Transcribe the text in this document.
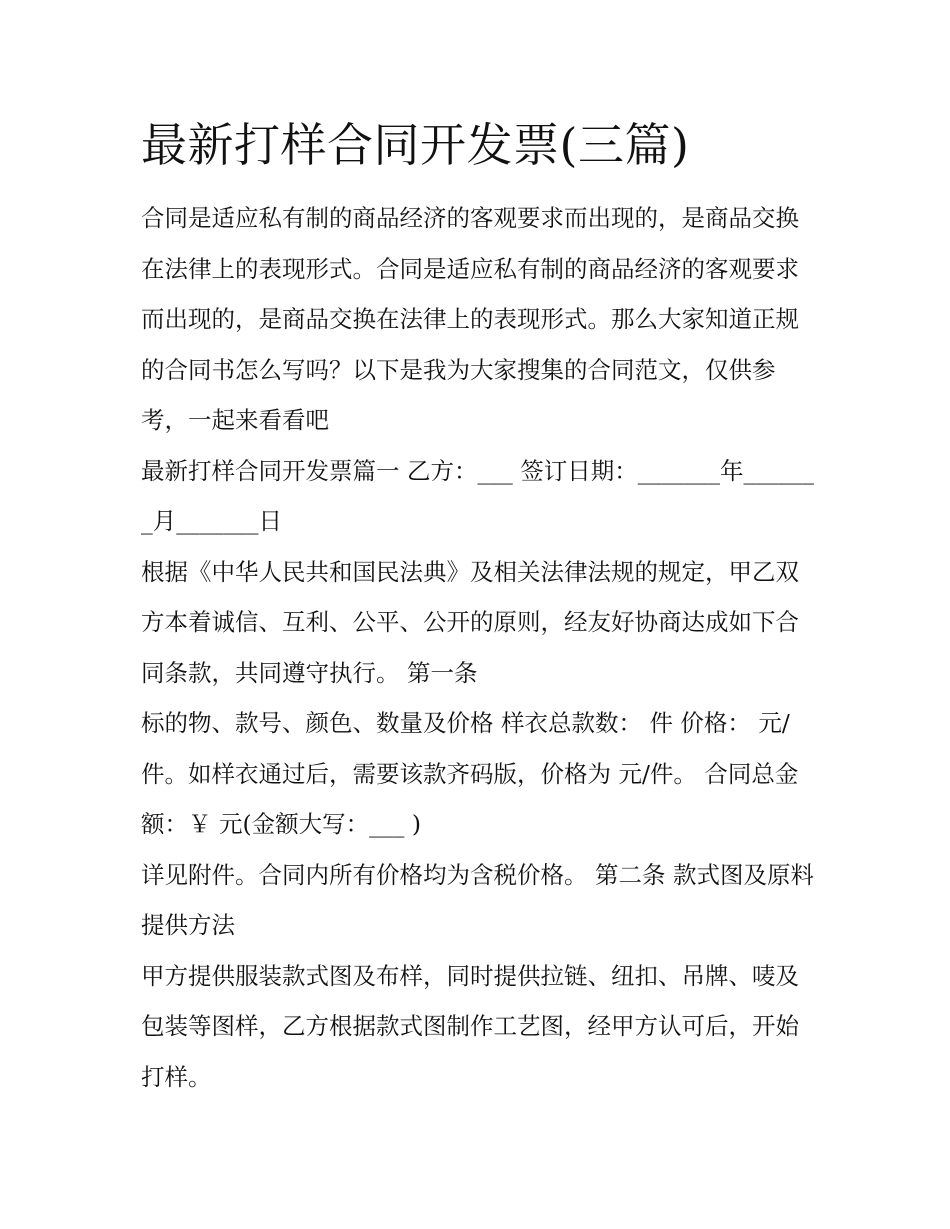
最新打样合同开发票(三篇)

合同是适应私有制的商品经济的客观要求而出现的，是商品交换在法律上的表现形式。合同是适应私有制的商品经济的客观要求而出现的，是商品交换在法律上的表现形式。那么大家知道正规的合同书怎么写吗？以下是我为大家搜集的合同范文，仅供参考，一起来看看吧

最新打样合同开发票篇一 乙方：___ 签订日期：_______年_______月_______日

根据《中华人民共和国民法典》及相关法律法规的规定，甲乙双方本着诚信、互利、公平、公开的原则，经友好协商达成如下合同条款，共同遵守执行。 第一条

标的物、款号、颜色、数量及价格 样衣总款数： 件 价格： 元/件。如样衣通过后，需要该款齐码版，价格为 元/件。 合同总金额：￥ 元(金额大写：___ )

详见附件。合同内所有价格均为含税价格。 第二条 款式图及原料提供方法

甲方提供服装款式图及布样，同时提供拉链、纽扣、吊牌、唛及包装等图样，乙方根据款式图制作工艺图，经甲方认可后，开始打样。
